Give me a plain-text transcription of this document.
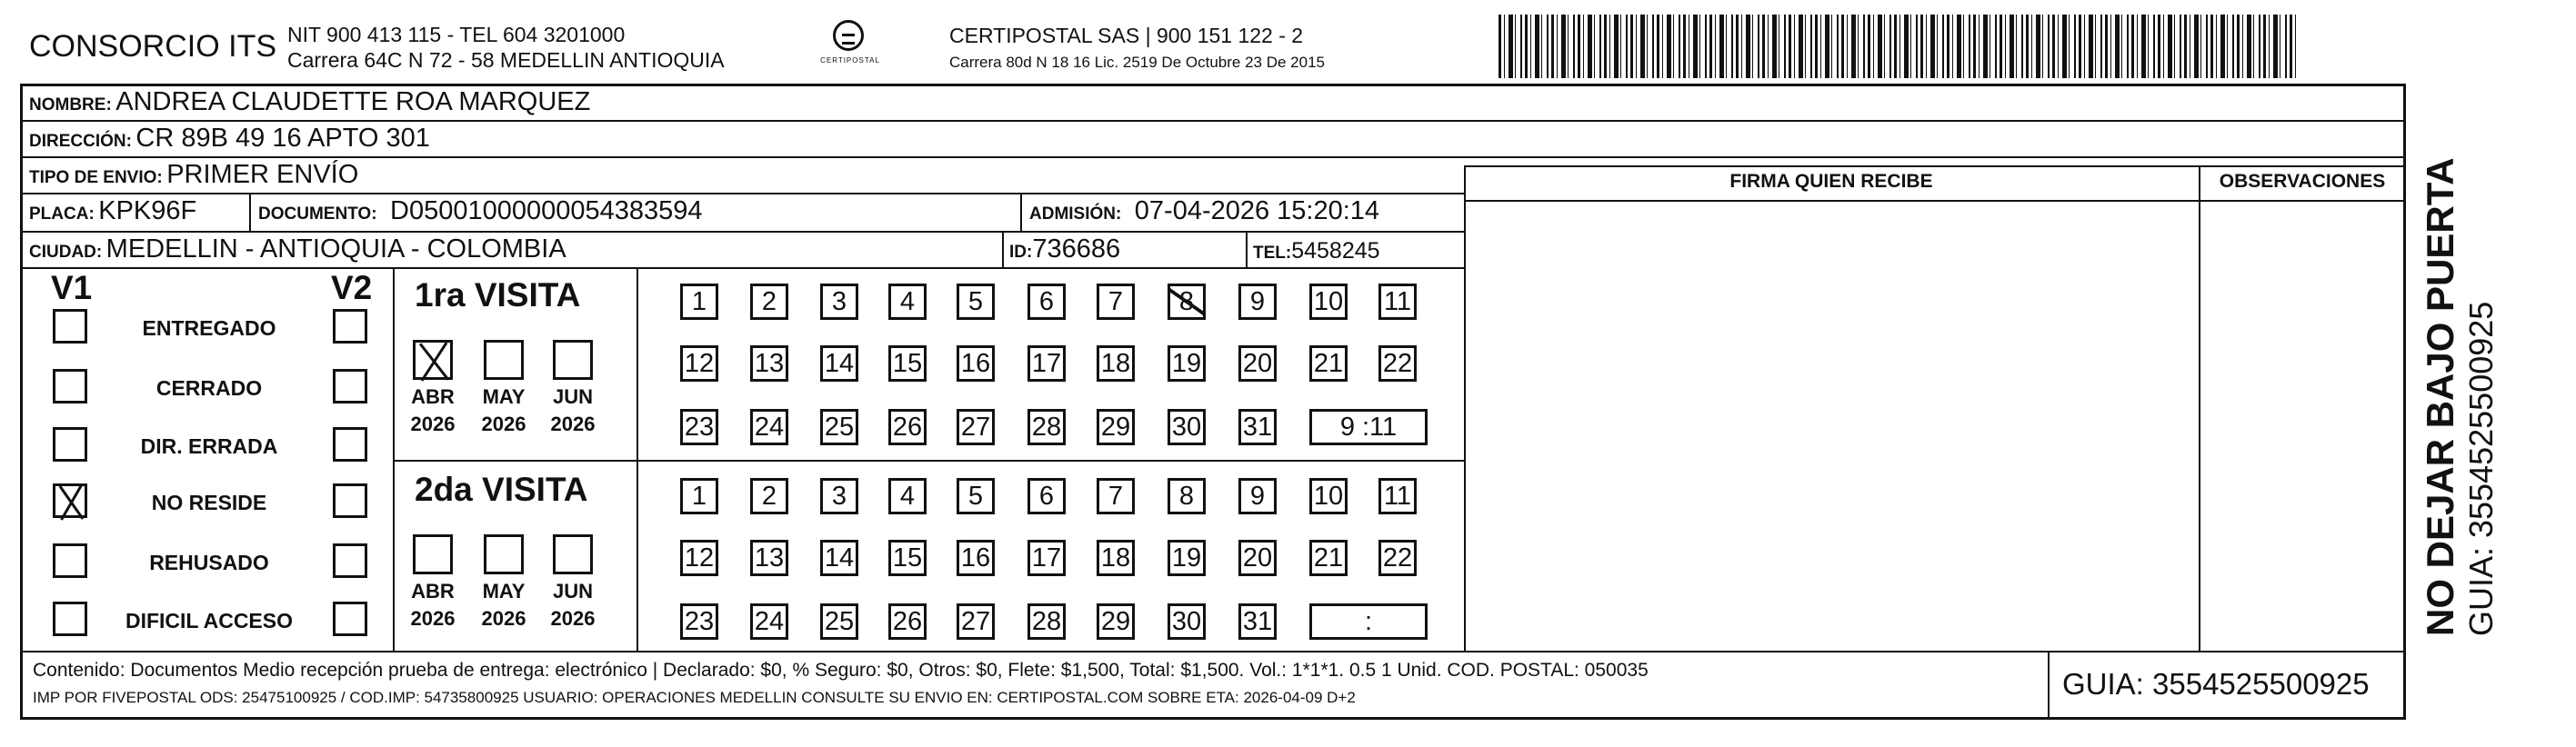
CONSORCIO ITS NIT 900 413 115 - TEL 604 3201000
Carrera 64C N 72 - 58 MEDELLIN ANTIOQUIA	CERTIPOSTAL
CERTIPOSTAL SAS | 900 151 122 - 2
Carrera 80d N 18 16 Lic. 2519 De Octubre 23 De 2015
NOMBRE: ANDREA CLAUDETTE ROA MARQUEZ
DIRECCIÓN: CR 89B 49 16 APTO 301
TIPO DE ENVIO: PRIMER ENVÍO
PLACA: KPK96F	DOCUMENTO: D05001000000054383594	ADMISIÓN: 07-04-2026 15:20:14
CIUDAD: MEDELLIN - ANTIOQUIA - COLOMBIA	ID:736686	TEL:5458245
FIRMA QUIEN RECIBE	OBSERVACIONES
V1	V2
ENTREGADO
CERRADO
DIR. ERRADA
NO RESIDE
REHUSADO
DIFICIL ACCESO
1ra VISITA
ABR
2026
MAY
2026
JUN
2026
1	2	3	4	5	6	7	8	9	10 11
12 13 14 15 16 17 18 19 20 21 22
23 24 25 26 27 28 29 30 31	9 :11
2da VISITA
ABR
2026
MAY
2026
JUN
2026
1	2	3	4	5	6	7	8	9	10 11
12 13 14 15 16 17 18 19 20 21 22
23 24 25 26 27 28 29 30 31	:
Contenido: Documentos Medio recepción prueba de entrega: electrónico | Declarado: $0, % Seguro: $0, Otros: $0, Flete: $1,500, Total: $1,500. Vol.: 1*1*1. 0.5 1 Unid. COD. POSTAL: 050035
IMP POR FIVEPOSTAL ODS: 25475100925 / COD.IMP: 54735800925 USUARIO: OPERACIONES MEDELLIN CONSULTE SU ENVIO EN: CERTIPOSTAL.COM SOBRE ETA: 2026-04-09 D+2	GUIA: 3554525500925
NO DEJAR BAJO PUERTA GUIA: 3554525500925
